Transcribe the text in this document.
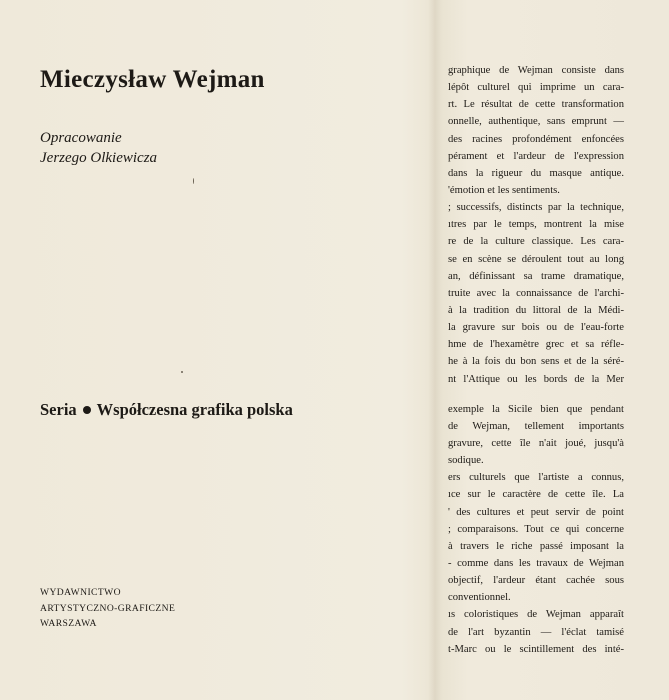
Mieczysław Wejman
Opracowanie
Jerzego Olkiewicza
Seria Współczesna grafika polska
WYDAWNICTWO
ARTYSTYCZNO-GRAFICZNE
WARSZAWA
graphique de Wejman consiste dans
lépôt culturel qui imprime un cara-
rt. Le résultat de cette transformation
onnelle, authentique, sans emprunt —
des racines profondément enfoncées
pérament et l'ardeur de l'expression
dans la rigueur du masque antique.
'émotion et les sentiments.
; successifs, distincts par la technique,
ıtres par le temps, montrent la mise
re de la culture classique. Les cara-
se en scène se déroulent tout au long
an, définissant sa trame dramatique,
truite avec la connaissance de l'archi-
à la tradition du littoral de la Médi-
la gravure sur bois ou de l'eau-forte
hme de l'hexamètre grec et sa réfle-
he à la fois du bon sens et de la séré-
nt l'Attique ou les bords de la Mer
exemple la Sicile bien que pendant
de Wejman, tellement importants
gravure, cette île n'ait joué, jusqu'à
sodique.
ers culturels que l'artiste a connus,
ıce sur le caractère de cette île. La
' des cultures et peut servir de point
; comparaisons. Tout ce qui concerne
à travers le riche passé imposant la
- comme dans les travaux de Wejman
objectif, l'ardeur étant cachée sous
conventionnel.
ıs coloristiques de Wejman apparaît
de l'art byzantin — l'éclat tamisé
t-Marc ou le scintillement des inté-
